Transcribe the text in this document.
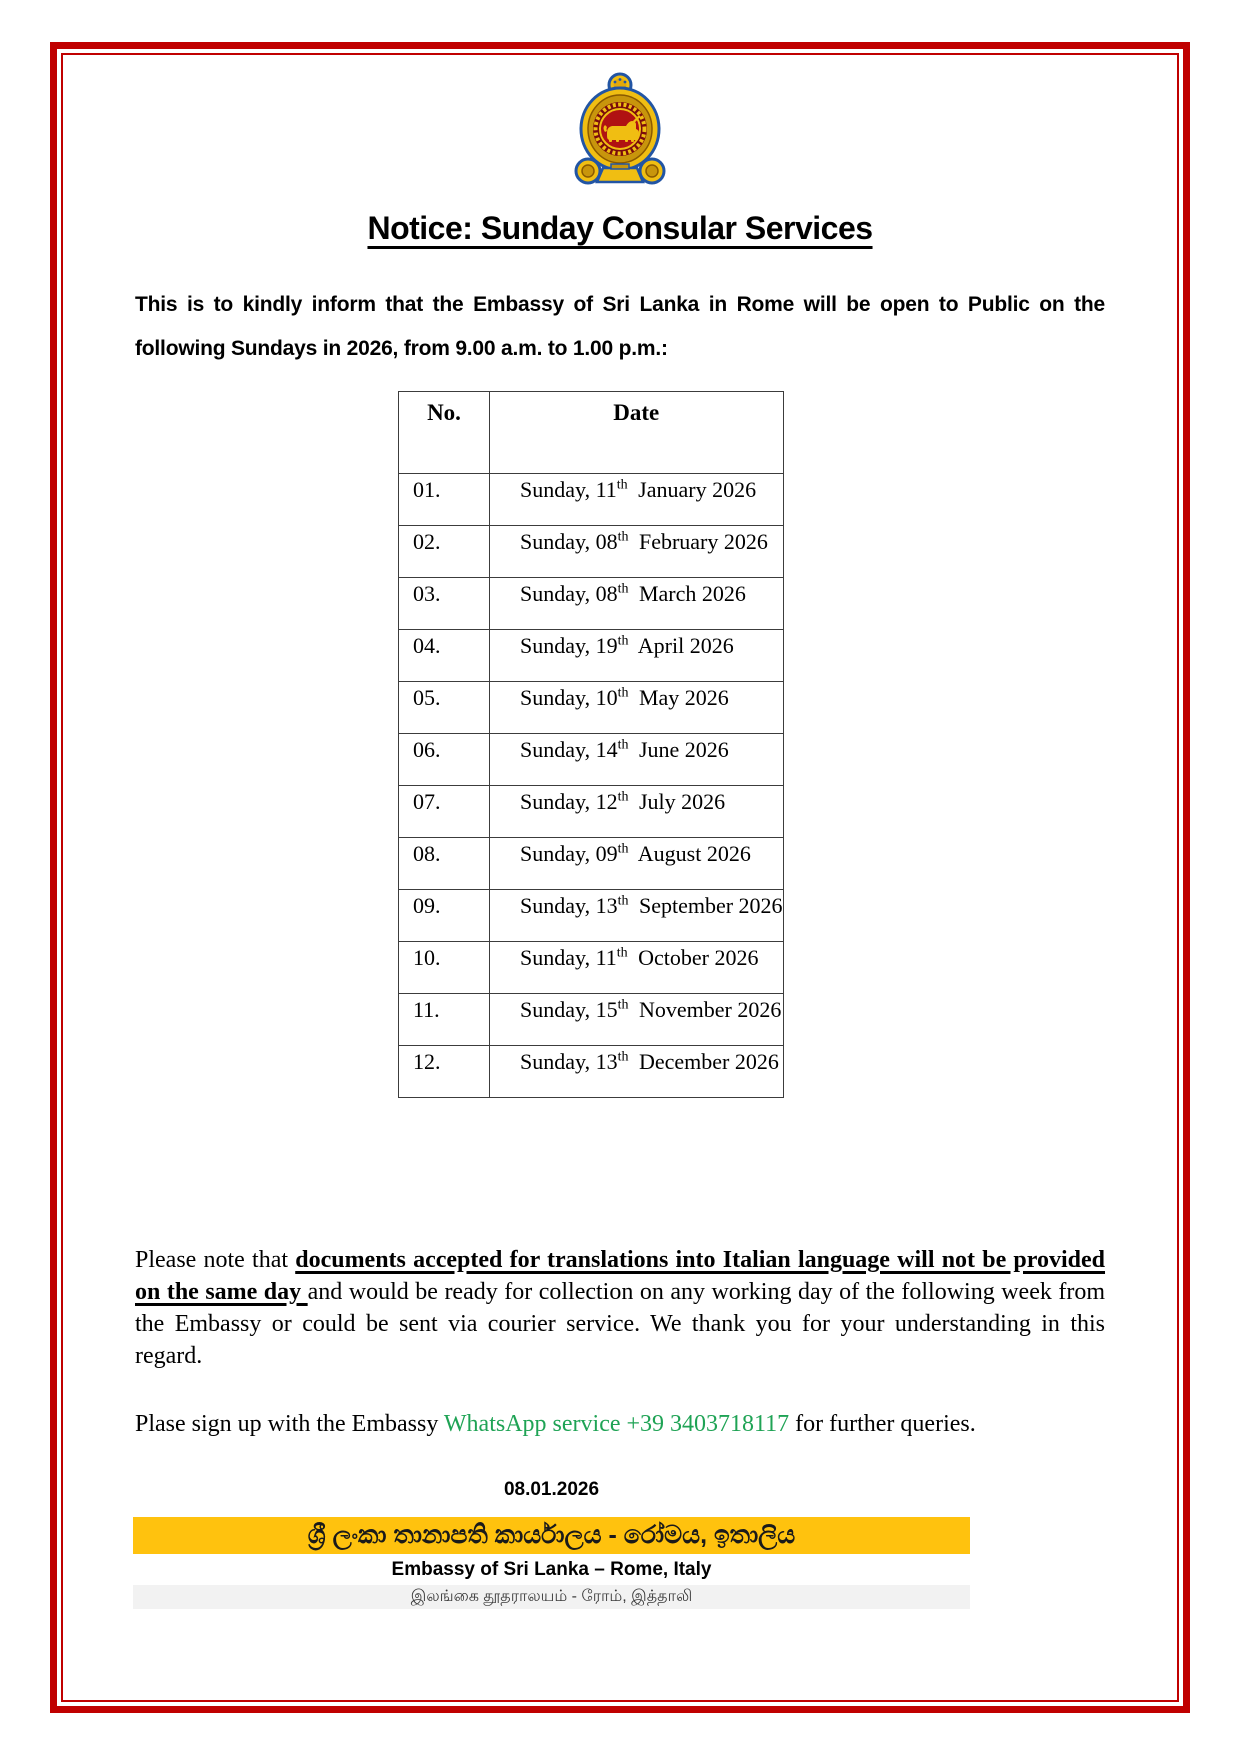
Notice: Sunday Consular Services

This is to kindly inform that the Embassy of Sri Lanka in Rome will be open to Public on the following Sundays in 2026, from 9.00 a.m. to 1.00 p.m.:

No.	Date
01.	Sunday, 11th January 2026
02.	Sunday, 08th February 2026
03.	Sunday, 08th March 2026
04.	Sunday, 19th April 2026
05.	Sunday, 10th May 2026
06.	Sunday, 14th June 2026
07.	Sunday, 12th July 2026
08.	Sunday, 09th August 2026
09.	Sunday, 13th September 2026
10.	Sunday, 11th October 2026
11.	Sunday, 15th November 2026
12.	Sunday, 13th December 2026

Please note that documents accepted for translations into Italian language will not be provided on the same day and would be ready for collection on any working day of the following week from the Embassy or could be sent via courier service. We thank you for your understanding in this regard.

Plase sign up with the Embassy WhatsApp service +39 3403718117 for further queries.

08.01.2026
ශ්‍රී ලංකා තානාපති කාර්යාලය - රෝමය, ඉතාලිය
Embassy of Sri Lanka – Rome, Italy
இலங்கை தூதராலயம் - ரோம், இத்தாலி
